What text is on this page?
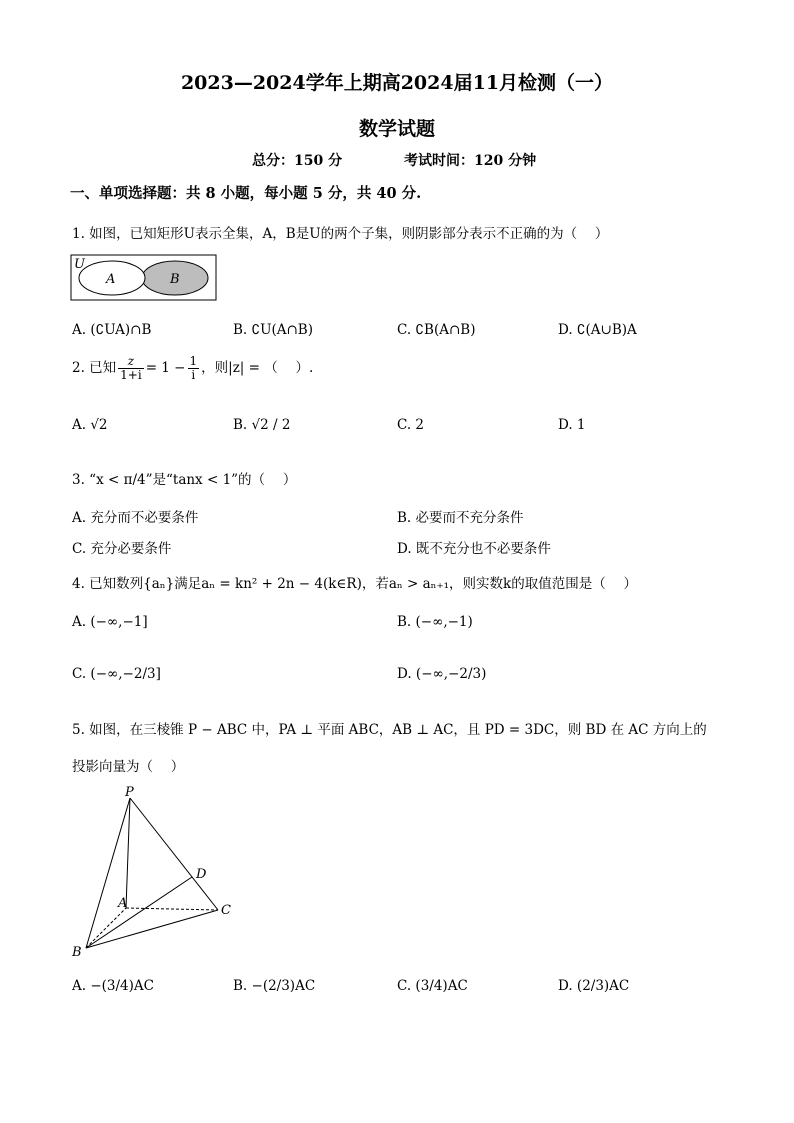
2023—2024学年上期高2024届11月检测（一）
数学试题
总分：150 分	考试时间：120 分钟
一、单项选择题：共 8 小题，每小题 5 分，共 40 分.
1. 如图，已知矩形U表示全集，A，B是U的两个子集，则阴影部分表示不正确的为（　 ）
U
A	B
A. (∁UA)∩B	B. ∁U(A∩B)	C. ∁B(A∩B)	D. ∁(A∪B)A
2. 已知 $\frac{z}{1+i} = 1 - \frac{1}{i}$ ，则|z| = （　 ）.
A. √2	B. √2 / 2	C. 2	D. 1
3. “x < π/4”是“tanx < 1”的（　 ）
A. 充分而不必要条件	B. 必要而不充分条件
C. 充分必要条件	D. 既不充分也不必要条件
4. 已知数列{aₙ}满足aₙ = kn² + 2n − 4(k∈R)，若aₙ > aₙ₊₁，则实数k的取值范围是（　 ）
A. (−∞,−1]	B. (−∞,−1)
C. (−∞,−2/3]	D. (−∞,−2/3)
5. 如图，在三棱锥 P − ABC 中，PA ⊥ 平面 ABC，AB ⊥ AC，且 PD = 3DC，则 BD 在 AC 方向上的
投影向量为（　 ）
P
A
B
C
D
A. −(3/4)AC	B. −(2/3)AC	C. (3/4)AC	D. (2/3)AC
